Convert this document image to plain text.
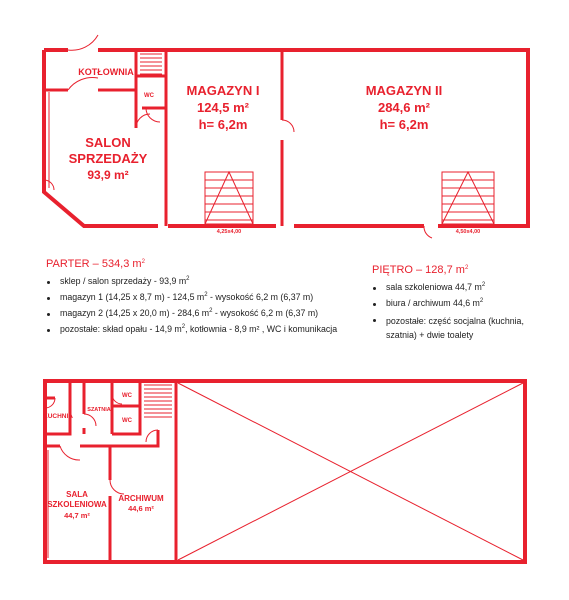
KOTŁOWNIA
WC
SALON
SPRZEDAŻY
93,9 m²
MAGAZYN I
124,5 m²
h= 6,2m
MAGAZYN II
284,6 m²
h= 6,2m
4,25x4,00	4,50x4,00
KUCHNIA
SZATNIA
WC
WC
SALA
SZKOLENIOWA
44,7 m²
ARCHIWUM
44,6 m²
PARTER – 534,3 $m^2$
sklep / salon sprzedaży - 93,9 $m^2$
magazyn 1 (14,25 x 8,7 m) - 124,5 $m^2$ - wysokość 6,2 m (6,37 m)
magazyn 2 (14,25 x 20,0 m) - 284,6 $m^2$ - wysokość 6,2 m (6,37 m)
pozostałe: skład opału - 14,9 $m^2$, kotłownia - 8,9 m² , WC i komunikacja
PIĘTRO – 128,7 $m^2$
sala szkoleniowa 44,7 $m^2$
biura / archiwum 44,6 $m^2$
pozostałe: część socjalna (kuchnia, szatnia) + dwie toalety
